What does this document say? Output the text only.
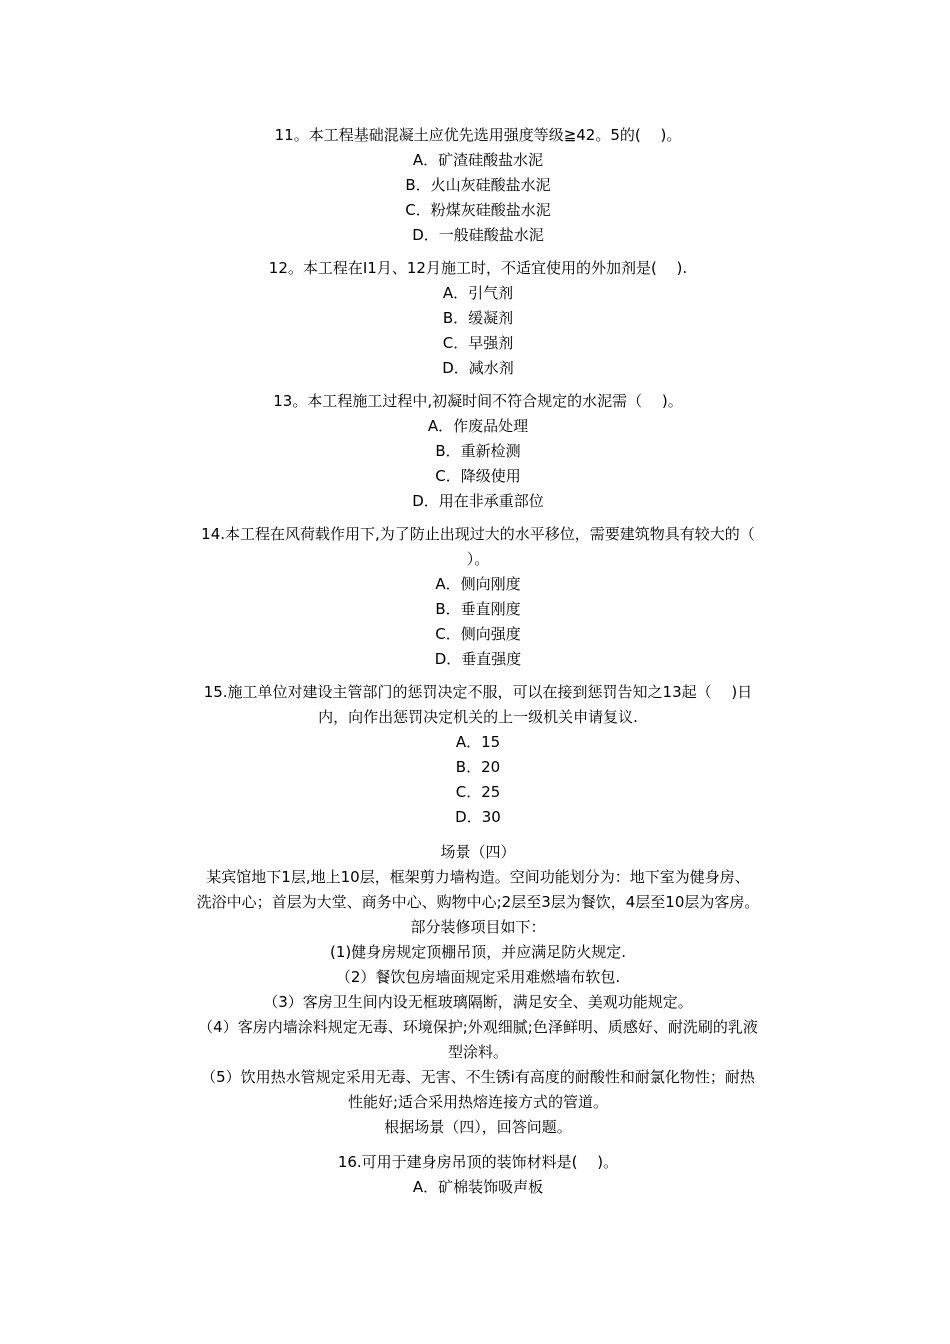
11。本工程基础混凝土应优先选用强度等级≧42。5的(　 )。
A．矿渣硅酸盐水泥
B．火山灰硅酸盐水泥
C．粉煤灰硅酸盐水泥
D．一般硅酸盐水泥
12。本工程在I1月、12月施工时，不适宜使用的外加剂是(　 ).
A．引气剂
B．缓凝剂
C．早强剂
D．减水剂
13。本工程施工过程中,初凝时间不符合规定的水泥需（　 )。
A．作废品处理
B．重新检测
C．降级使用
D．用在非承重部位
14.本工程在风荷载作用下,为了防止出现过大的水平移位，需要建筑物具有较大的（
）。
A．侧向刚度
B．垂直刚度
C．侧向强度
D．垂直强度
15.施工单位对建设主管部门的惩罚决定不服，可以在接到惩罚告知之13起（　 )日
内，向作出惩罚决定机关的上一级机关申请复议.
A．15
B．20
C．25
D．30
场景（四）
某宾馆地下1层,地上10层，框架剪力墙构造。空间功能划分为：地下室为健身房、
洗浴中心；首层为大堂、商务中心、购物中心;2层至3层为餐饮，4层至10层为客房。
部分装修项目如下：
(1)健身房规定顶棚吊顶，并应满足防火规定.
（2）餐饮包房墙面规定采用难燃墙布软包.
（3）客房卫生间内设无框玻璃隔断，满足安全、美观功能规定。
（4）客房内墙涂料规定无毒、环境保护;外观细腻;色泽鲜明、质感好、耐洗刷的乳液
型涂料。
（5）饮用热水管规定采用无毒、无害、不生锈i有高度的耐酸性和耐氯化物性；耐热
性能好;适合采用热熔连接方式的管道。
根据场景（四），回答问题。
16.可用于建身房吊顶的装饰材料是(　 )。
A．矿棉装饰吸声板
